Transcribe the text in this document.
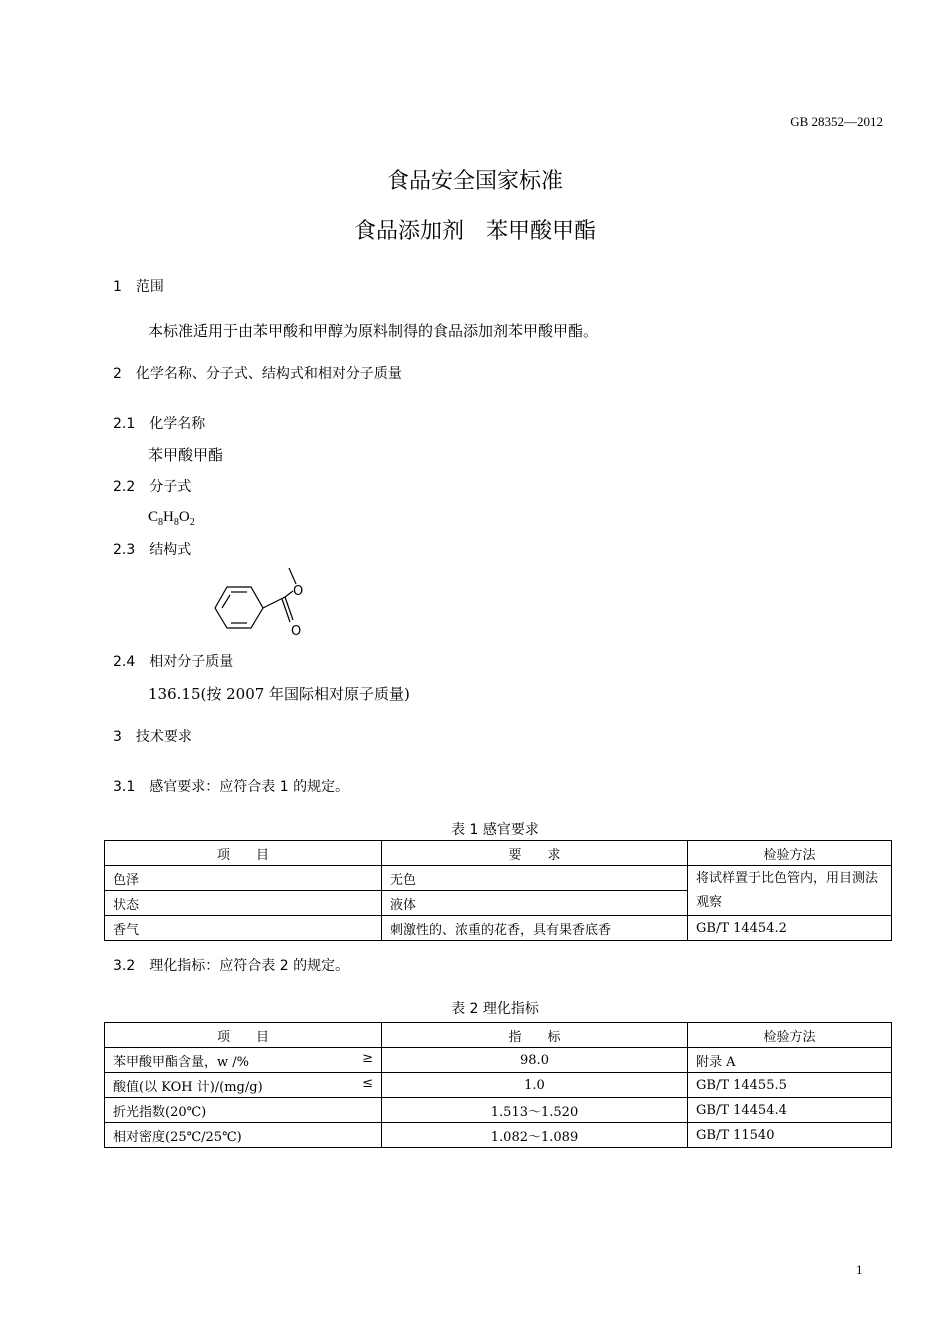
GB 28352—2012
食品安全国家标准
食品添加剂　苯甲酸甲酯
1　范围
本标准适用于由苯甲酸和甲醇为原料制得的食品添加剂苯甲酸甲酯。
2　化学名称、分子式、结构式和相对分子质量
2.1　化学名称
苯甲酸甲酯
2.2　分子式
$C_8H_8O_2$
2.3　结构式
O
O
2.4　相对分子质量
136.15(按 2007 年国际相对原子质量)
3　技术要求
3.1　感官要求：应符合表 1 的规定。
表 1 感官要求
项　　目	要　　求	检验方法
色泽	无色	将试样置于比色管内，用目测法观察
状态	液体	
香气	刺激性的、浓重的花香，具有果香底香	GB/T 14454.2
3.2　理化指标：应符合表 2 的规定。
表 2 理化指标
项　　目	指　　标	检验方法
苯甲酸甲酯含量，w /% ≥	98.0	附录 A
酸值(以 KOH 计)/(mg/g) ≤	1.0	GB/T 14455.5
折光指数(20℃)	1.513～1.520	GB/T 14454.4
相对密度(25℃/25℃)	1.082～1.089	GB/T 11540
1
